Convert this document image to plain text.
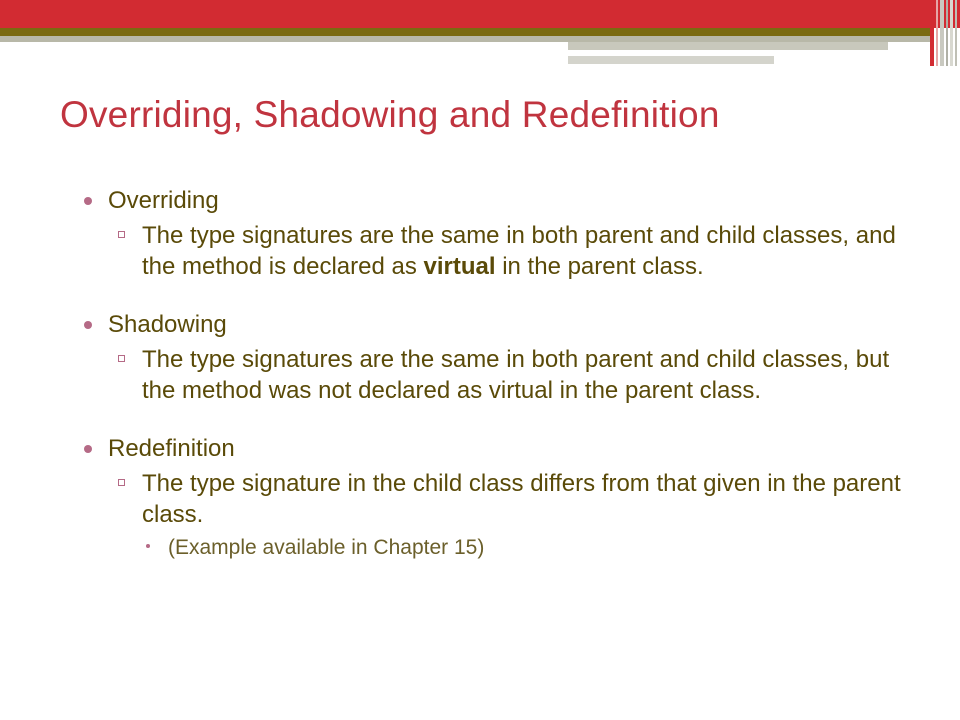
Overriding, Shadowing and Redefinition
Overriding
The type signatures are the same in both parent and child classes, and the method is declared as virtual in the parent class.
Shadowing
The type signatures are the same in both parent and child classes, but the method was not declared as virtual in the parent class.
Redefinition
The type signature in the child class differs from that given in the parent class.
(Example available in Chapter 15)
